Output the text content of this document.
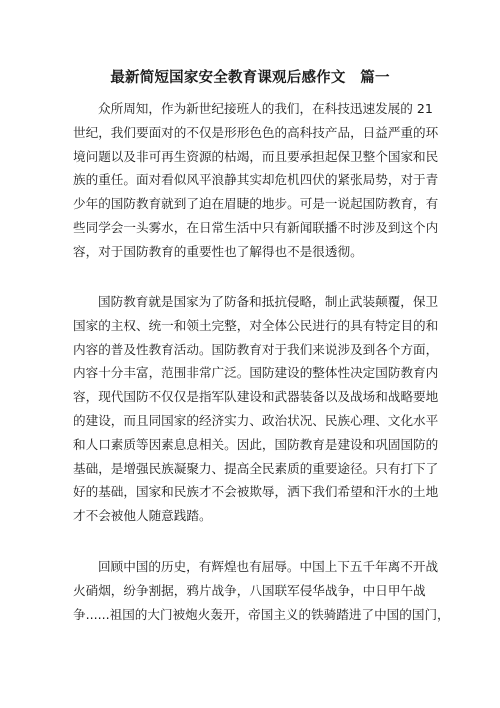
最新简短国家安全教育课观后感作文　篇一
众所周知，作为新世纪接班人的我们，在科技迅速发展的 21
世纪，我们要面对的不仅是形形色色的高科技产品，日益严重的环
境问题以及非可再生资源的枯竭，而且要承担起保卫整个国家和民
族的重任。面对看似风平浪静其实却危机四伏的紧张局势，对于青
少年的国防教育就到了迫在眉睫的地步。可是一说起国防教育，有
些同学会一头雾水，在日常生活中只有新闻联播不时涉及到这个内
容，对于国防教育的重要性也了解得也不是很透彻。
国防教育就是国家为了防备和抵抗侵略，制止武装颠覆，保卫
国家的主权、统一和领土完整，对全体公民进行的具有特定目的和
内容的普及性教育活动。国防教育对于我们来说涉及到各个方面，
内容十分丰富，范围非常广泛。国防建设的整体性决定国防教育内
容，现代国防不仅仅是指军队建设和武器装备以及战场和战略要地
的建设，而且同国家的经济实力、政治状况、民族心理、文化水平
和人口素质等因素息息相关。因此，国防教育是建设和巩固国防的
基础，是增强民族凝聚力、提高全民素质的重要途径。只有打下了
好的基础，国家和民族才不会被欺辱，洒下我们希望和汗水的土地
才不会被他人随意践踏。
回顾中国的历史，有辉煌也有屈辱。中国上下五千年离不开战
火硝烟，纷争割据，鸦片战争，八国联军侵华战争，中日甲午战
争......祖国的大门被炮火轰开，帝国主义的铁骑踏进了中国的国门，
